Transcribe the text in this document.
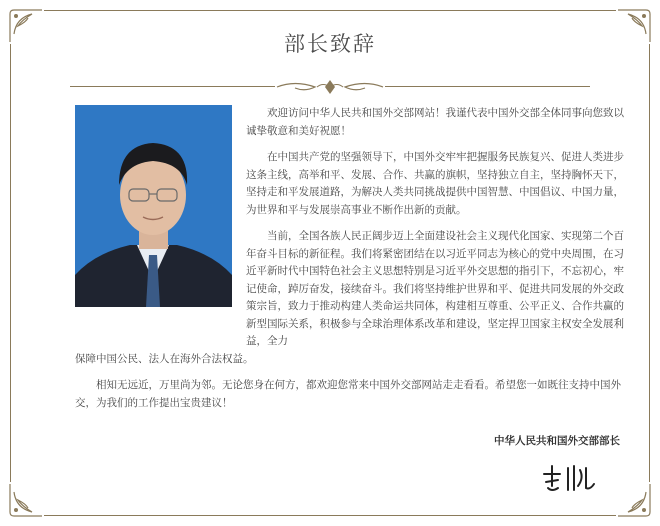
部长致辞

欢迎访问中华人民共和国外交部网站！我谨代表中国外交部全体同事向您致以诚挚敬意和美好祝愿！

在中国共产党的坚强领导下，中国外交牢牢把握服务民族复兴、促进人类进步这条主线，高举和平、发展、合作、共赢的旗帜，坚持独立自主，坚持胸怀天下，坚持走和平发展道路，为解决人类共同挑战提供中国智慧、中国倡议、中国力量，为世界和平与发展崇高事业不断作出新的贡献。

当前，全国各族人民正阔步迈上全面建设社会主义现代化国家、实现第二个百年奋斗目标的新征程。我们将紧密团结在以习近平同志为核心的党中央周围，在习近平新时代中国特色社会主义思想特别是习近平外交思想的指引下，不忘初心，牢记使命，踔厉奋发，接续奋斗。我们将坚持维护世界和平、促进共同发展的外交政策宗旨，致力于推动构建人类命运共同体，构建相互尊重、公平正义、合作共赢的新型国际关系，积极参与全球治理体系改革和建设，坚定捍卫国家主权安全发展利益，全力

保障中国公民、法人在海外合法权益。

相知无远近，万里尚为邻。无论您身在何方，都欢迎您常来中国外交部网站走走看看。希望您一如既往支持中国外交，为我们的工作提出宝贵建议！

中华人民共和国外交部部长
